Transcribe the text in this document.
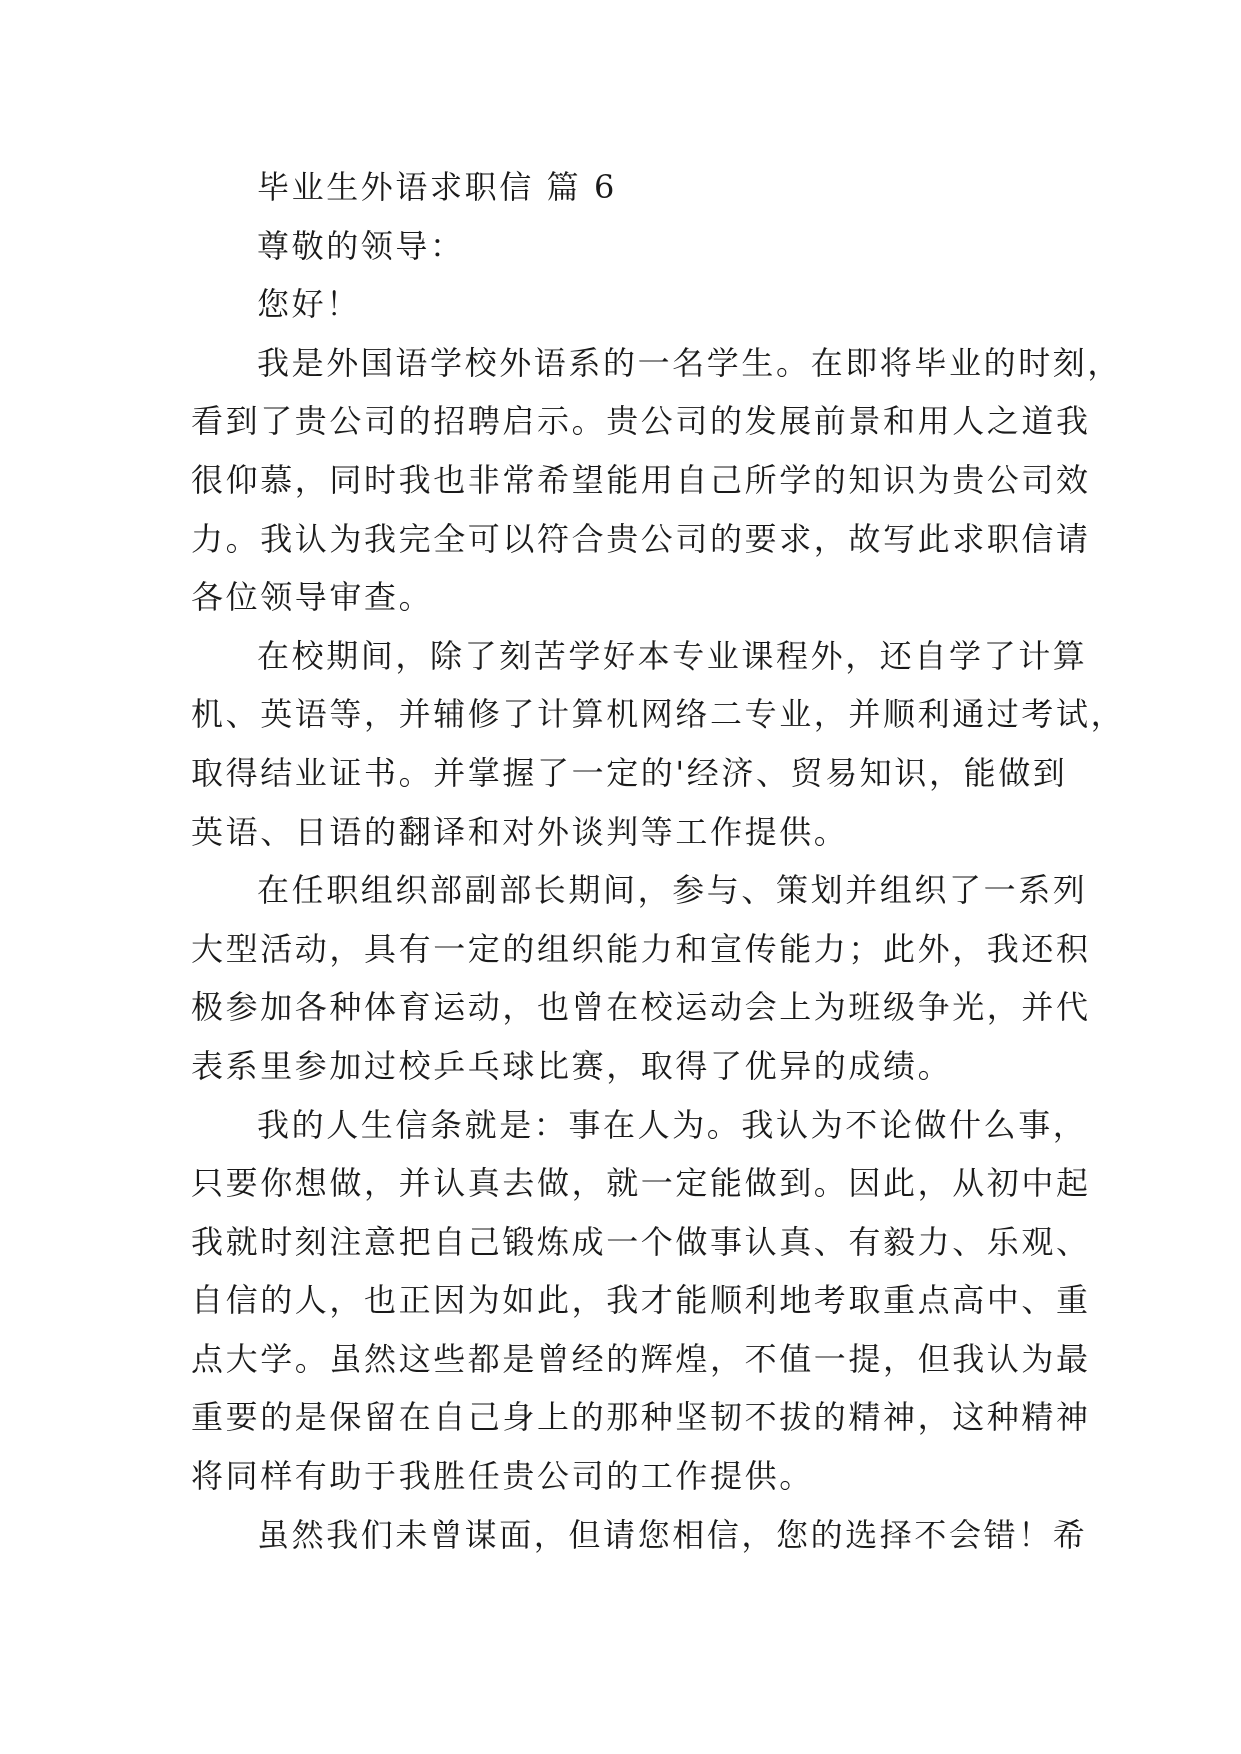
毕业生外语求职信 篇 6

尊敬的领导：

您好！

我是外国语学校外语系的一名学生。在即将毕业的时刻，

看到了贵公司的招聘启示。贵公司的发展前景和用人之道我

很仰慕，同时我也非常希望能用自己所学的知识为贵公司效

力。我认为我完全可以符合贵公司的要求，故写此求职信请

各位领导审查。

在校期间，除了刻苦学好本专业课程外，还自学了计算

机、英语等，并辅修了计算机网络二专业，并顺利通过考试，

取得结业证书。并掌握了一定的'经济、贸易知识，能做到

英语、日语的翻译和对外谈判等工作提供。

在任职组织部副部长期间，参与、策划并组织了一系列

大型活动，具有一定的组织能力和宣传能力；此外，我还积

极参加各种体育运动，也曾在校运动会上为班级争光，并代

表系里参加过校乒乓球比赛，取得了优异的成绩。

我的人生信条就是：事在人为。我认为不论做什么事，

只要你想做，并认真去做，就一定能做到。因此，从初中起

我就时刻注意把自己锻炼成一个做事认真、有毅力、乐观、

自信的人，也正因为如此，我才能顺利地考取重点高中、重

点大学。虽然这些都是曾经的辉煌，不值一提，但我认为最

重要的是保留在自己身上的那种坚韧不拔的精神，这种精神

将同样有助于我胜任贵公司的工作提供。

虽然我们未曾谋面，但请您相信，您的选择不会错！希
